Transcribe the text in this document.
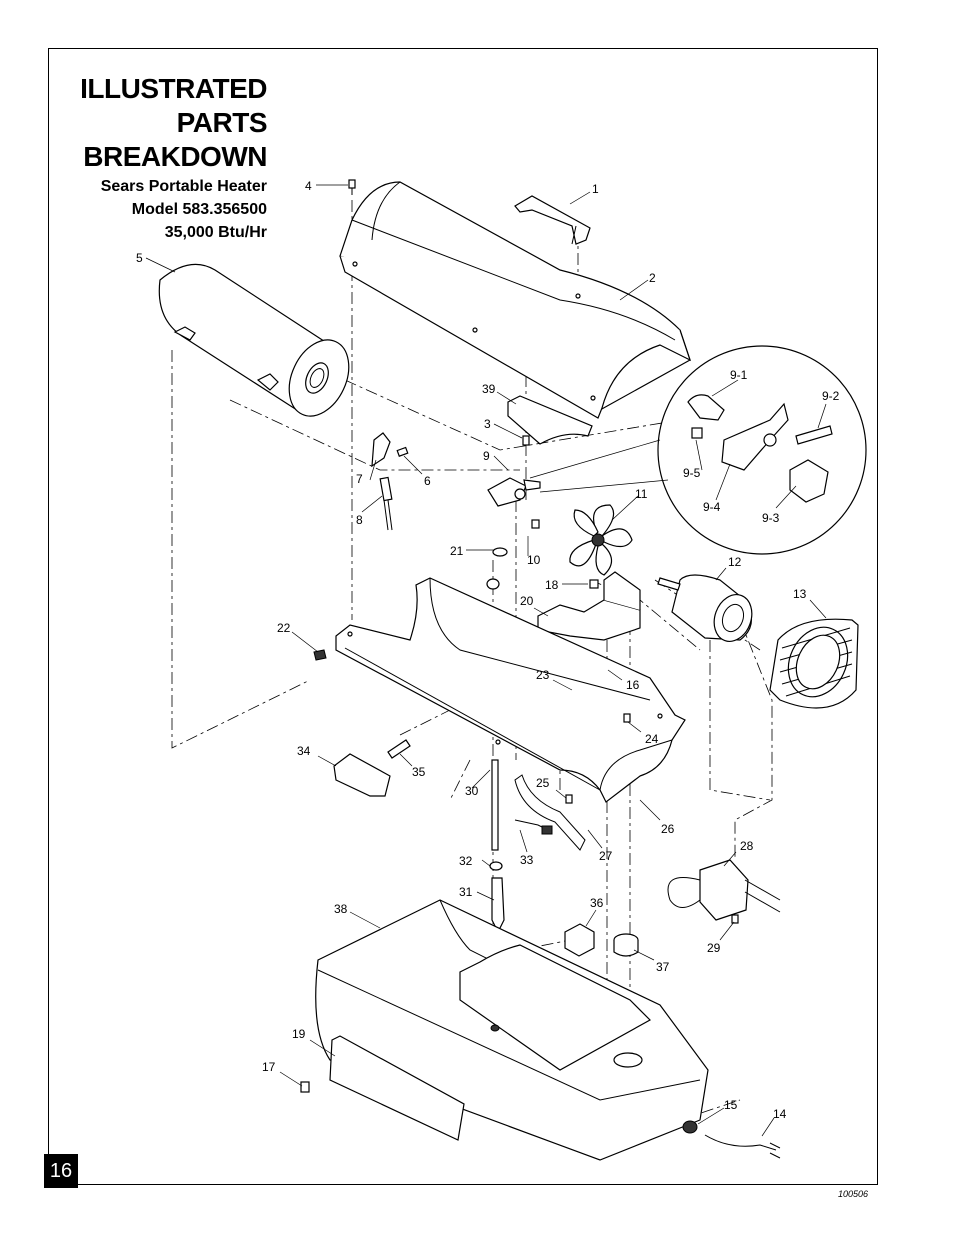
ILLUSTRATED
PARTS
BREAKDOWN
Sears Portable Heater
Model 583.356500
35,000 Btu/Hr
16
100506
1
2
3
4
5
6
7
8
9
9-1
9-2
9-3
9-4
9-5
10
11
12
13
14
15
16
17
18
19
20
21
22
23
24
25
26
27
28
29
30
31
32	33
34
35
36
37
38
39
